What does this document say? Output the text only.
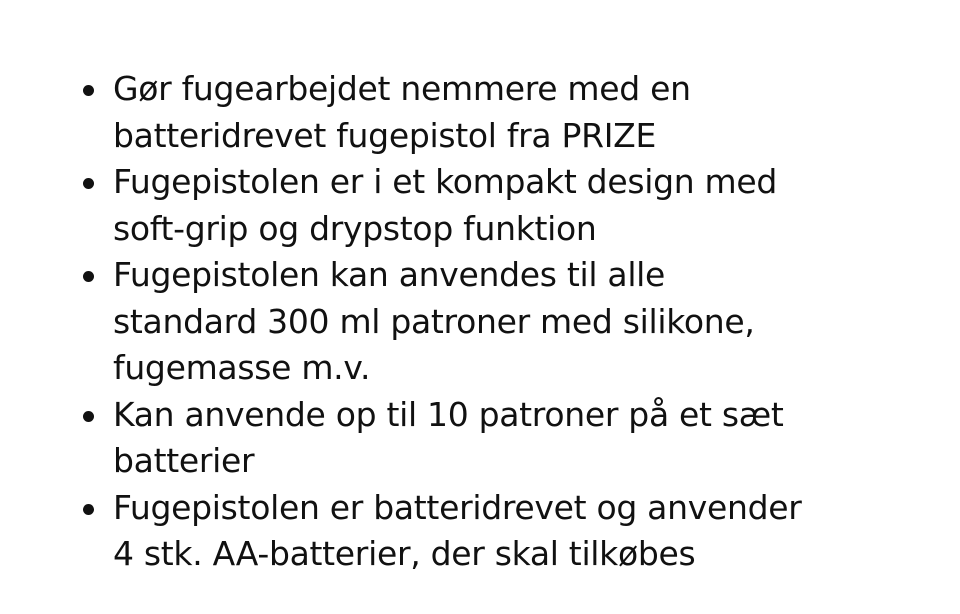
Gør fugearbejdet nemmere med en
batteridrevet fugepistol fra PRIZE
Fugepistolen er i et kompakt design med
soft-grip og drypstop funktion
Fugepistolen kan anvendes til alle
standard 300 ml patroner med silikone,
fugemasse m.v.
Kan anvende op til 10 patroner på et sæt
batterier
Fugepistolen er batteridrevet og anvender
4 stk. AA-batterier, der skal tilkøbes
